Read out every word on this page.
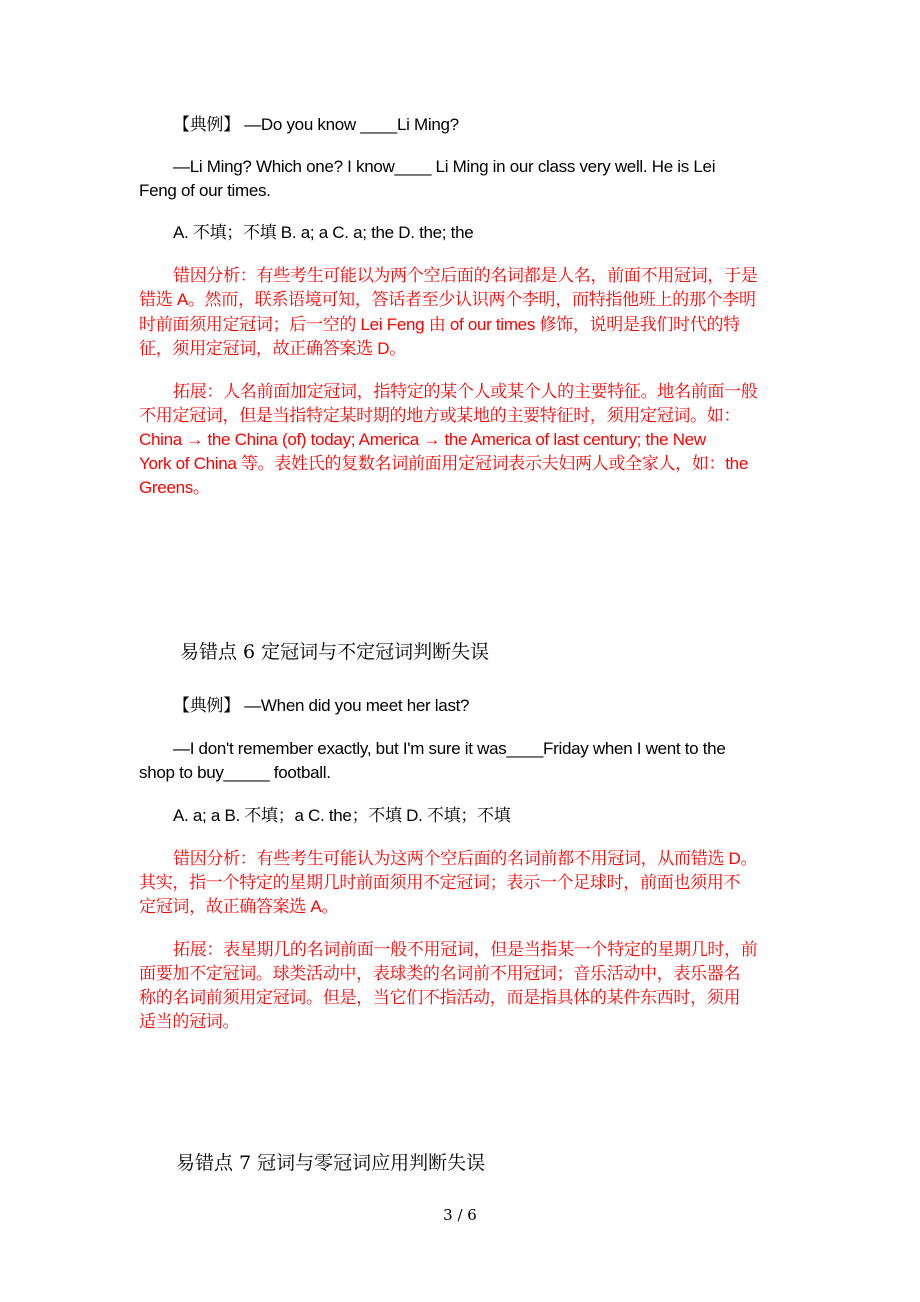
【典例】 —Do you know ____Li Ming?
—Li Ming? Which one? I know____ Li Ming in our class very well. He is Lei
Feng of our times.
A. 不填；不填 B. a; a C. a; the D. the; the
错因分析：有些考生可能以为两个空后面的名词都是人名，前面不用冠词，于是
错选 A。然而，联系语境可知，答话者至少认识两个李明，而特指他班上的那个李明
时前面须用定冠词；后一空的 Lei Feng 由 of our times 修饰，说明是我们时代的特
征，须用定冠词，故正确答案选 D。
拓展：人名前面加定冠词，指特定的某个人或某个人的主要特征。地名前面一般
不用定冠词，但是当指特定某时期的地方或某地的主要特征时，须用定冠词。如：
China → the China (of) today; America → the America of last century; the New
York of China 等。表姓氏的复数名词前面用定冠词表示夫妇两人或全家人，如：the
Greens。
易错点 6 定冠词与不定冠词判断失误
【典例】 —When did you meet her last?
—I don't remember exactly, but I'm sure it was____Friday when I went to the
shop to buy_____ football.
A. a; a B. 不填；a C. the；不填 D. 不填；不填
错因分析：有些考生可能认为这两个空后面的名词前都不用冠词，从而错选 D。
其实，指一个特定的星期几时前面须用不定冠词；表示一个足球时，前面也须用不
定冠词，故正确答案选 A。
拓展：表星期几的名词前面一般不用冠词，但是当指某一个特定的星期几时，前
面要加不定冠词。球类活动中，表球类的名词前不用冠词；音乐活动中，表乐器名
称的名词前须用定冠词。但是，当它们不指活动，而是指具体的某件东西时，须用
适当的冠词。
易错点 7 冠词与零冠词应用判断失误
3 / 6
